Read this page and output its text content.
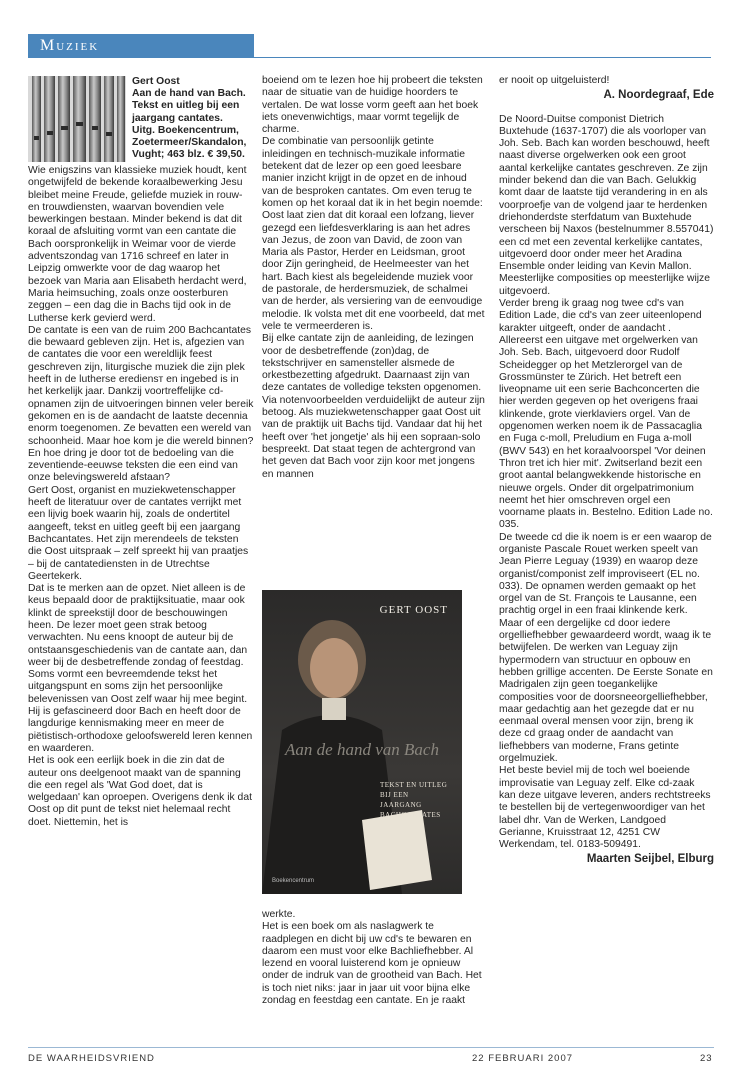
Muziek
Gert Oost
Aan de hand van Bach.
Tekst en uitleg bij een jaargang cantates.
Uitg. Boekencentrum, Zoetermeer/Skandalon, Vught; 463 blz. € 39,50.

Wie enigszins van klassieke muziek houdt, kent ongetwijfeld de bekende koraalbewerking Jesu bleibet meine Freude, geliefde muziek in rouw- en trouwdiensten, waarvan bovendien vele bewerkingen bestaan. Minder bekend is dat dit koraal de afsluiting vormt van een cantate die Bach oorspronkelijk in Weimar voor de vierde adventszondag van 1716 schreef en later in Leipzig omwerkte voor de dag waarop het bezoek van Maria aan Elisabeth herdacht werd, Maria heimsuching, zoals onze oosterburen zeggen – een dag die in Bachs tijd ook in de Lutherse kerk gevierd werd.

De cantate is een van de ruim 200 Bachcantates die bewaard gebleven zijn. Het is, afgezien van de cantates die voor een wereldlijk feest geschreven zijn, liturgische muziek die zijn plek heeft in de lutherse erediensт en ingebed is in het kerkelijk jaar. Dankzij voortreffelijke cd-opnamen zijn de uitvoeringen binnen veler bereik gekomen en is de aandacht de laatste decennia enorm toegenomen. Ze bevatten een wereld van schoonheid. Maar hoe kom je die wereld binnen? En hoe dring je door tot de bedoeling van die zeventiende-eeuwse teksten die een eind van onze belevingswereld afstaan?

Gert Oost, organist en muziekwetenschapper heeft de literatuur over de cantates verrijkt met een lijvig boek waarin hij, zoals de ondertitel aangeeft, tekst en uitleg geeft bij een jaargang Bachcantates. Het zijn merendeels de teksten die Oost uitspraak – zelf spreekt hij van praatjes – bij de cantatediensten in de Utrechtse Geertekerk.

Dat is te merken aan de opzet. Niet alleen is de keus bepaald door de praktijksituatie, maar ook klinkt de spreekstijl door de beschouwingen heen. De lezer moet geen strak betoog verwachten. Nu eens knoopt de auteur bij de ontstaansgeschiedenis van de cantate aan, dan weer bij de desbetreffende zondag of feestdag. Soms vormt een bevreemdende tekst het uitgangspunt en soms zijn het persoonlijke belevenissen van Oost zelf waar hij mee begint. Hij is gefascineerd door Bach en heeft door de langdurige kennismaking meer en meer de piëtistisch-orthodoxe geloofswereld leren kennen en waarderen.

Het is ook een eerlijk boek in die zin dat de auteur ons deelgenoot maakt van de spanning die een regel als 'Wat God doet, dat is welgedaan' kan oproepen. Overigens denk ik dat Oost op dit punt de tekst niet helemaal recht doet. Niettemin, het is

boeiend om te lezen hoe hij probeert die teksten naar de situatie van de huidige hoorders te vertalen. De wat losse vorm geeft aan het boek iets onevenwichtigs, maar vormt tegelijk de charme.

De combinatie van persoonlijk getinte inleidingen en technisch-muzikale informatie betekent dat de lezer op een goed leesbare manier inzicht krijgt in de opzet en de inhoud van de besproken cantates. Om even terug te komen op het koraal dat ik in het begin noemde: Oost laat zien dat dit koraal een lofzang, liever gezegd een liefdesverklaring is aan het adres van Jezus, de zoon van David, de zoon van Maria als Pastor, Herder en Leidsman, groot door Zijn geringheid, de Heelmeester van het hart. Bach kiest als begeleidende muziek voor de pastorale, de herdersmuziek, de schalmei van de herder, als versiering van de eenvoudige melodie. Ik volsta met dit ene voorbeeld, dat met vele te vermeerderen is.

Bij elke cantate zijn de aanleiding, de lezingen voor de desbetreffende (zon)dag, de tekstschrijver en samensteller alsmede de orkestbezetting afgedrukt. Daarnaast zijn van deze cantates de volledige teksten opgenomen. Via notenvoorbeelden verduidelijkt de auteur zijn betoog. Als muziekwetenschapper gaat Oost uit van de praktijk uit Bachs tijd. Vandaar dat hij het heeft over 'het jongetje' als hij een sopraan-solo bespreekt. Dat staat tegen de achtergrond van het geven dat Bach voor zijn koor met jongens en mannen

GERT OOST
Aan de hand van Bach
TEKST EN UITLEG
BIJ EEN
JAARGANG
BACHCANTATES
Boekencentrum

werkte.

Het is een boek om als naslagwerk te raadplegen en dicht bij uw cd's te bewaren en daarom een must voor elke Bachliefhebber. Al lezend en vooral luisterend kom je opnieuw onder de indruk van de grootheid van Bach. Het is toch niet niks: jaar in jaar uit voor bijna elke zondag en feestdag een cantate. En je raakt

er nooit op uitgeluisterd!

A. Noordegraaf, Ede

De Noord-Duitse componist Dietrich Buxtehude (1637-1707) die als voorloper van Joh. Seb. Bach kan worden beschouwd, heeft naast diverse orgelwerken ook een groot aantal kerkelijke cantates geschreven. Ze zijn minder bekend dan die van Bach. Gelukkig komt daar de laatste tijd verandering in en als voorproefje van de volgend jaar te herdenken driehonderdste sterfdatum van Buxtehude verscheen bij Naxos (bestelnummer 8.557041) een cd met een zevental kerkelijke cantates, uitgevoerd door onder meer het Aradina Ensemble onder leiding van Kevin Mallon. Meesterlijke composities op meesterlijke wijze uitgevoerd.

Verder breng ik graag nog twee cd's van Edition Lade, die cd's van zeer uiteenlopend karakter uitgeeft, onder de aandacht . Allereerst een uitgave met orgelwerken van Joh. Seb. Bach, uitgevoerd door Rudolf Scheidegger op het Metzlerorgel van de Grossmünster te Zürich. Het betreft een liveopname uit een serie Bachconcerten die hier werden gegeven op het overigens fraai klinkende, grote vierklaviers orgel. Van de opgenomen werken noem ik de Passacaglia en Fuga c-moll, Preludium en Fuga a-moll (BWV 543) en het koraalvoorspel 'Vor deinen Thron tret ich hier mit'. Zwitserland bezit een groot aantal belangwekkende historische en nieuwe orgels. Onder dit orgelpatrimonium neemt het hier omschreven orgel een voorname plaats in. Bestelno. Edition Lade no. 035.

De tweede cd die ik noem is er een waarop de organiste Pascale Rouet werken speelt van Jean Pierre Leguay (1939) en waarop deze organist/componist zelf improviseert (EL no. 033). De opnamen werden gemaakt op het orgel van de St. François te Lausanne, een prachtig orgel in een fraai klinkende kerk. Maar of een dergelijke cd door iedere orgelliefhebber gewaardeerd wordt, waag ik te betwijfelen. De werken van Leguay zijn hypermodern van structuur en opbouw en hebben grillige accenten. De Eerste Sonate en Madrigalen zijn geen toegankelijke composities voor de doorsneeorgelliefhebber, maar gedachtig aan het gezegde dat er nu eenmaal overal mensen voor zijn, breng ik deze cd graag onder de aandacht van liefhebbers van moderne, Frans getinte orgelmuziek.

Het beste beviel mij de toch wel boeiende improvisatie van Leguay zelf. Elke cd-zaak kan deze uitgave leveren, anders rechtstreeks te bestellen bij de vertegenwoordiger van het label dhr. Van de Werken, Landgoed Gerianne, Kruisstraat 12, 4251 CW Werkendam, tel. 0183-509491.

Maarten Seijbel, Elburg

DE WAARHEIDSVRIEND	22 FEBRUARI 2007	23
